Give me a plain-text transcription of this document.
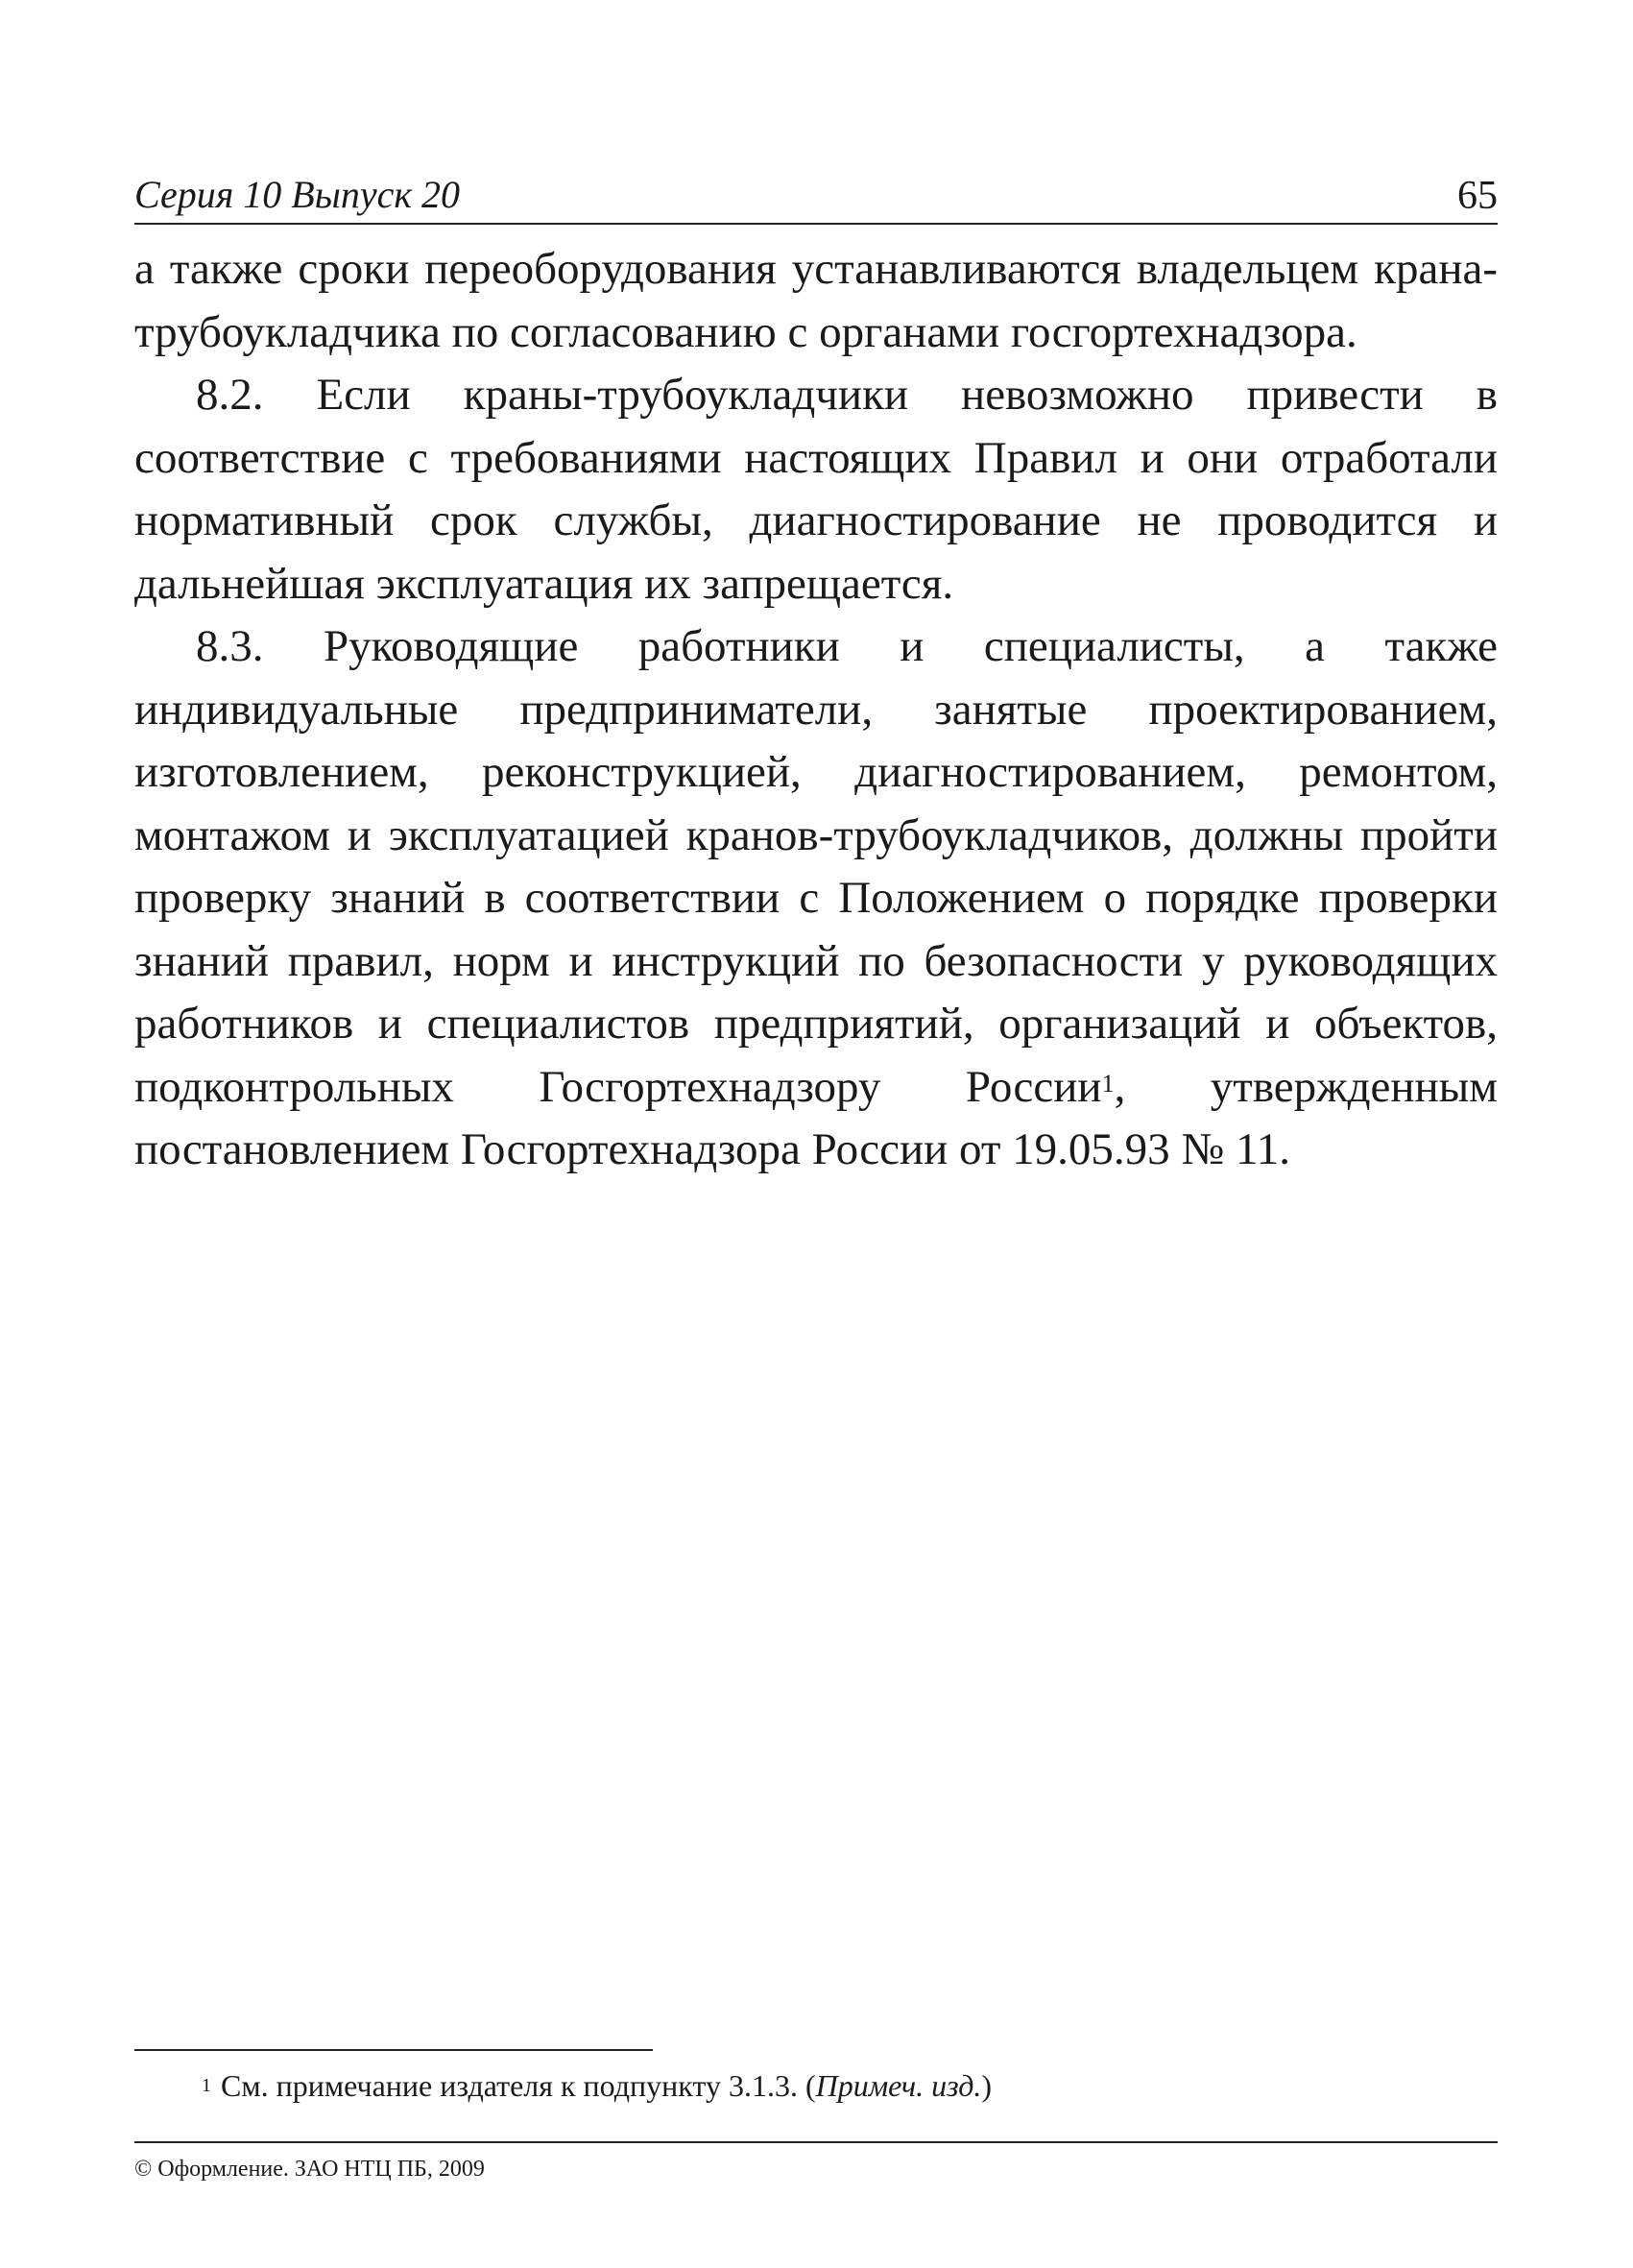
Серия 10 Выпуск 20	65

а также сроки переоборудования устанавливаются владельцем крана-трубоукладчика по согласованию с органами госгортехнадзора.

8.2. Если краны-трубоукладчики невозможно привести в соответствие с требованиями настоящих Правил и они отработали нормативный срок службы, диагностирование не проводится и дальнейшая эксплуатация их запрещается.

8.3. Руководящие работники и специалисты, а также индивидуальные предприниматели, занятые проектированием, изготовлением, реконструкцией, диагностированием, ремонтом, монтажом и эксплуатацией кранов-трубоукладчиков, должны пройти проверку знаний в соответствии с Положением о порядке проверки знаний правил, норм и инструкций по безопасности у руководящих работников и специалистов предприятий, организаций и объектов, подконтрольных Госгортехнадзору России$^1$, утвержденным постановлением Госгортехнадзора России от 19.05.93 № 11.

$^1$ См. примечание издателя к подпункту 3.1.3. (Примеч. изд.)
© Оформление. ЗАО НТЦ ПБ, 2009
